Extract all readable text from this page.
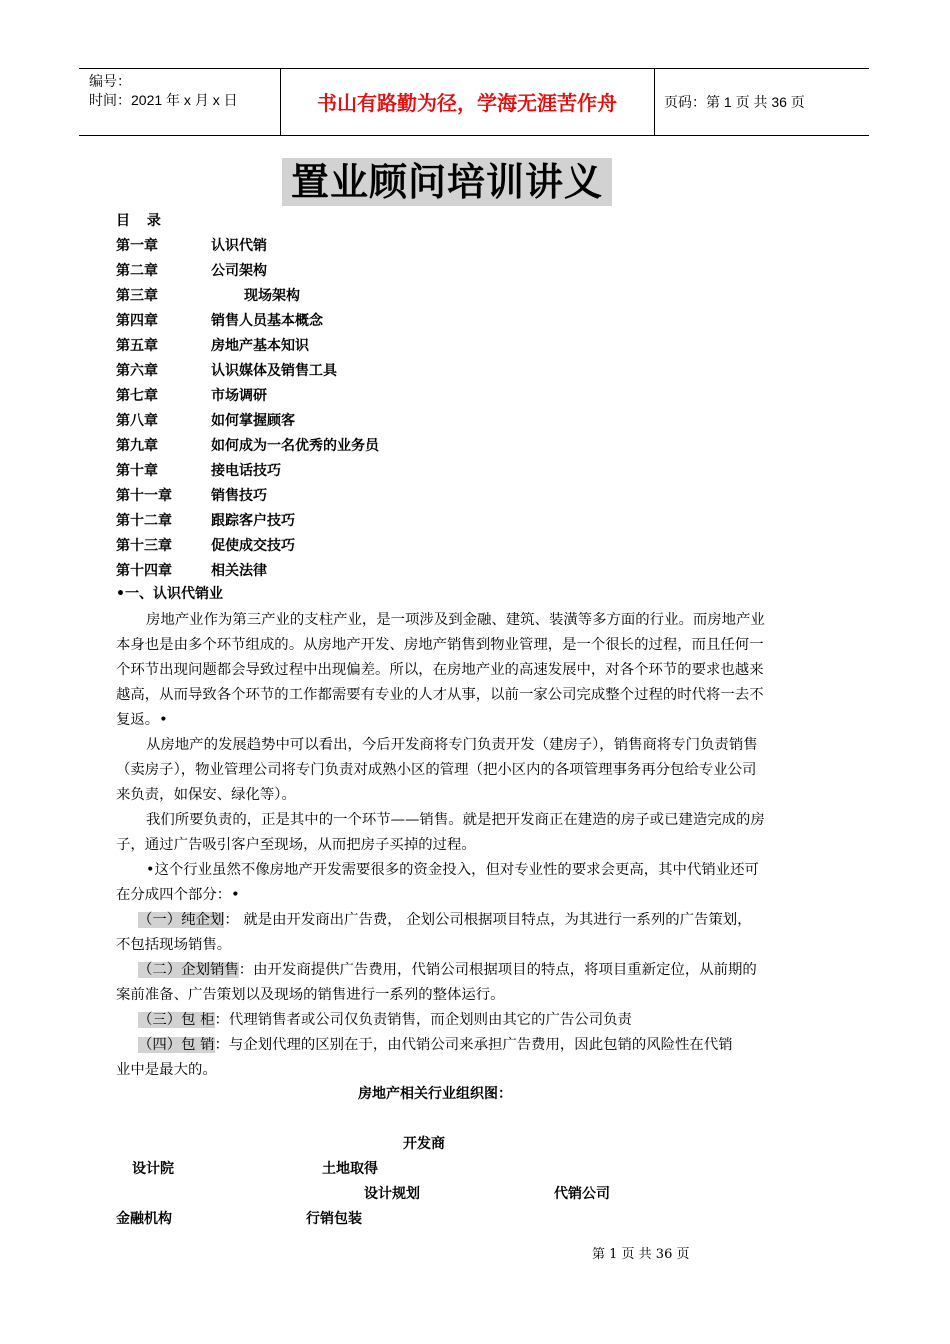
编号：
时间：2021 年 x 月 x 日	书山有路勤为径，学海无涯苦作舟	页码：第 1 页 共 36 页
置业顾问培训讲义
目 录
第一章	认识代销
第二章	公司架构
第三章	现场架构
第四章	销售人员基本概念
第五章	房地产基本知识
第六章	认识媒体及销售工具
第七章	市场调研
第八章	如何掌握顾客
第九章	如何成为一名优秀的业务员
第十章	接电话技巧
第十一章	销售技巧
第十二章	跟踪客户技巧
第十三章	促使成交技巧
第十四章	相关法律
•一、认识代销业
房地产业作为第三产业的支柱产业，是一项涉及到金融、建筑、装潢等多方面的行业。而房地产业
本身也是由多个环节组成的。从房地产开发、房地产销售到物业管理，是一个很长的过程，而且任何一
个环节出现问题都会导致过程中出现偏差。所以，在房地产业的高速发展中，对各个环节的要求也越来
越高，从而导致各个环节的工作都需要有专业的人才从事，以前一家公司完成整个过程的时代将一去不
复返。•
从房地产的发展趋势中可以看出，今后开发商将专门负责开发（建房子），销售商将专门负责销售
（卖房子），物业管理公司将专门负责对成熟小区的管理（把小区内的各项管理事务再分包给专业公司
来负责，如保安、绿化等）。
我们所要负责的，正是其中的一个环节——销售。就是把开发商正在建造的房子或已建造完成的房
子，通过广告吸引客户至现场，从而把房子买掉的过程。
•这个行业虽然不像房地产开发需要很多的资金投入，但对专业性的要求会更高，其中代销业还可
在分成四个部分：•
（一）纯企划： 就是由开发商出广告费， 企划公司根据项目特点，为其进行一系列的广告策划，
不包括现场销售。
（二）企划销售：由开发商提供广告费用，代销公司根据项目的特点，将项目重新定位，从前期的
案前准备、广告策划以及现场的销售进行一系列的整体运行。
（三）包 柜：代理销售者或公司仅负责销售，而企划则由其它的广告公司负责
（四）包 销：与企划代理的区别在于，由代销公司来承担广告费用，因此包销的风险性在代销
业中是最大的。
房地产相关行业组织图：
开发商
设计院	土地取得
设计规划	代销公司
金融机构	行销包装
第 1 页 共 36 页
